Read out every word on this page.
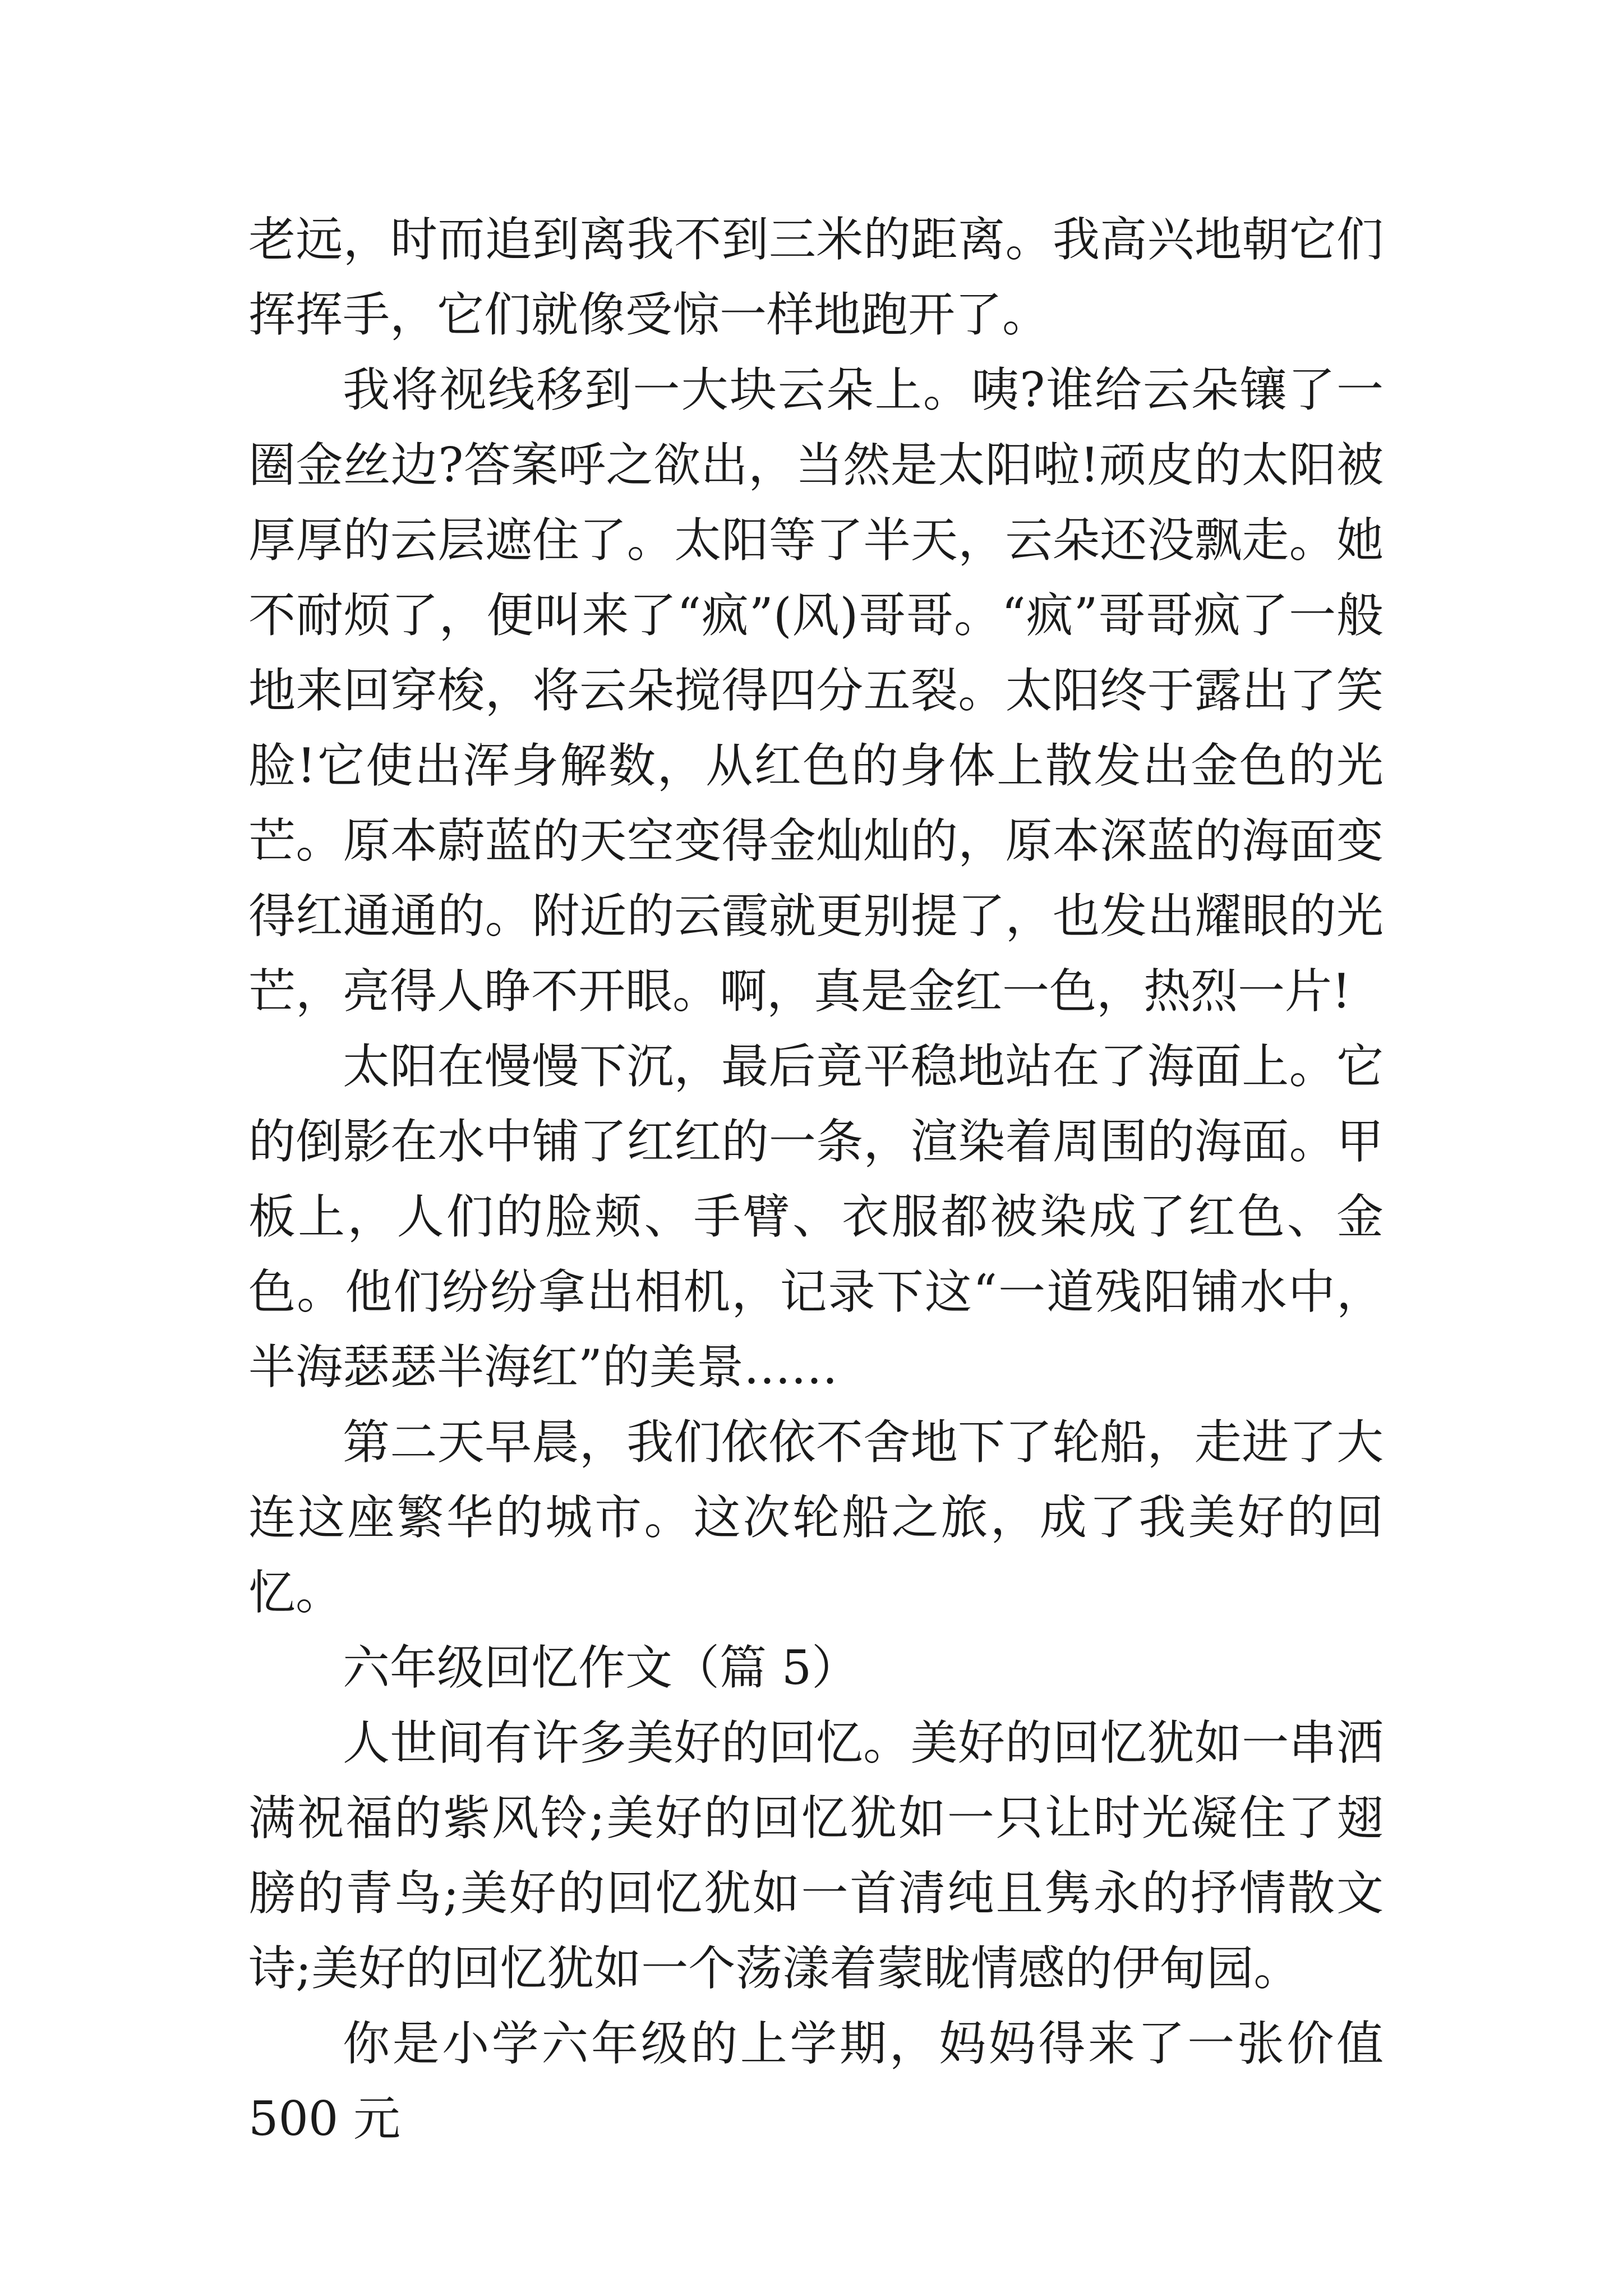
老远，时而追到离我不到三米的距离。我高兴地朝它们挥挥手，它们就像受惊一样地跑开了。

我将视线移到一大块云朵上。咦?谁给云朵镶了一圈金丝边?答案呼之欲出，当然是太阳啦!顽皮的太阳被厚厚的云层遮住了。太阳等了半天，云朵还没飘走。她不耐烦了，便叫来了“疯”(风)哥哥。“疯”哥哥疯了一般地来回穿梭，将云朵搅得四分五裂。太阳终于露出了笑脸!它使出浑身解数，从红色的身体上散发出金色的光芒。原本蔚蓝的天空变得金灿灿的，原本深蓝的海面变得红通通的。附近的云霞就更别提了，也发出耀眼的光芒，亮得人睁不开眼。啊，真是金红一色，热烈一片!

太阳在慢慢下沉，最后竟平稳地站在了海面上。它的倒影在水中铺了红红的一条，渲染着周围的海面。甲板上，人们的脸颊、手臂、衣服都被染成了红色、金色。他们纷纷拿出相机，记录下这“一道残阳铺水中，半海瑟瑟半海红”的美景……

第二天早晨，我们依依不舍地下了轮船，走进了大连这座繁华的城市。这次轮船之旅，成了我美好的回忆。

六年级回忆作文（篇 5）

人世间有许多美好的回忆。美好的回忆犹如一串洒满祝福的紫风铃;美好的回忆犹如一只让时光凝住了翅膀的青鸟;美好的回忆犹如一首清纯且隽永的抒情散文诗;美好的回忆犹如一个荡漾着蒙眬情感的伊甸园。

你是小学六年级的上学期，妈妈得来了一张价值 500 元
